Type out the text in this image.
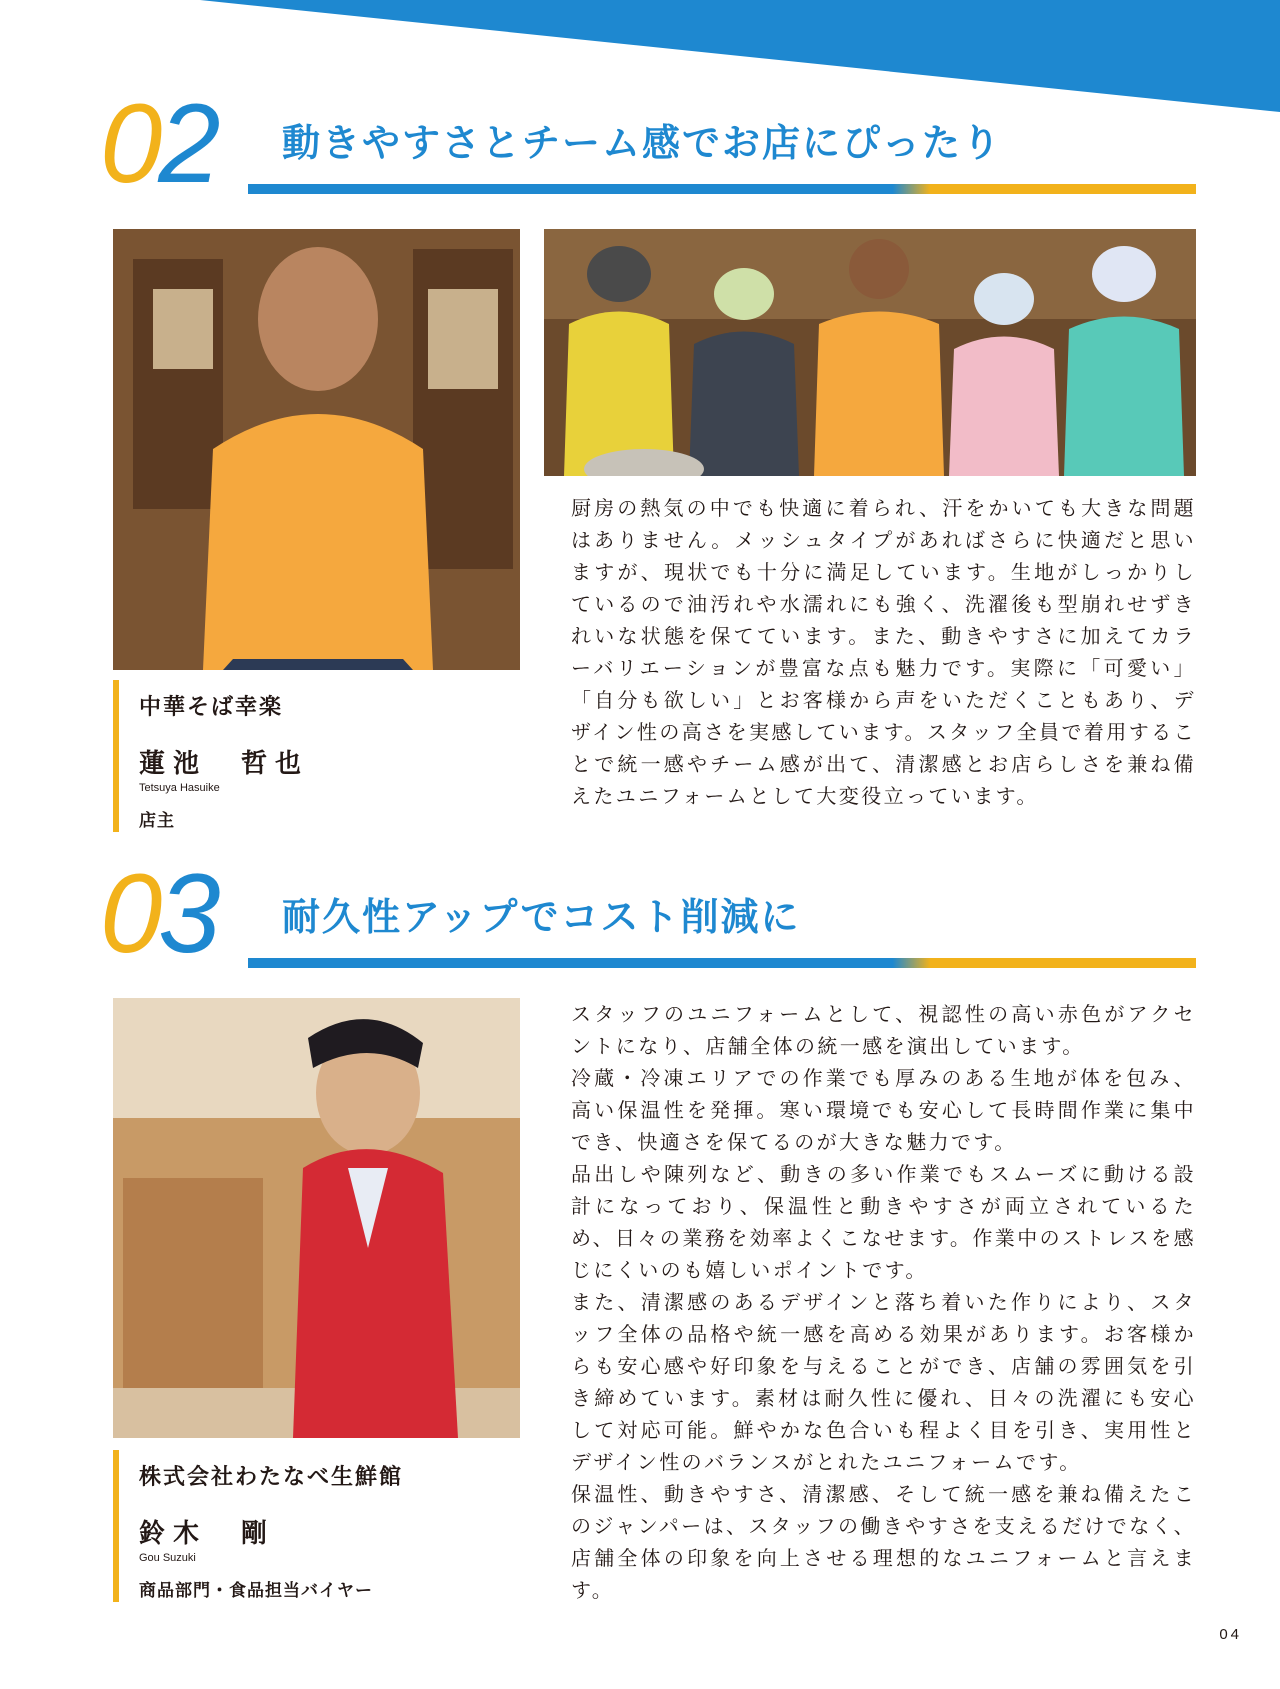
02 動きやすさとチーム感でお店にぴったり

厨房の熱気の中でも快適に着られ、汗をかいても大きな問題はありません。メッシュタイプがあればさらに快適だと思いますが、現状でも十分に満足しています。生地がしっかりしているので油汚れや水濡れにも強く、洗濯後も型崩れせずきれいな状態を保てています。また、動きやすさに加えてカラーバリエーションが豊富な点も魅力です。実際に「可愛い」「自分も欲しい」とお客様から声をいただくこともあり、デザイン性の高さを実感しています。スタッフ全員で着用することで統一感やチーム感が出て、清潔感とお店らしさを兼ね備えたユニフォームとして大変役立っています。

中華そば幸楽
蓮池　哲也
Tetsuya Hasuike
店主
03 耐久性アップでコスト削減に

スタッフのユニフォームとして、視認性の高い赤色がアクセントになり、店舗全体の統一感を演出しています。

冷蔵・冷凍エリアでの作業でも厚みのある生地が体を包み、高い保温性を発揮。寒い環境でも安心して長時間作業に集中でき、快適さを保てるのが大きな魅力です。

品出しや陳列など、動きの多い作業でもスムーズに動ける設計になっており、保温性と動きやすさが両立されているため、日々の業務を効率よくこなせます。作業中のストレスを感じにくいのも嬉しいポイントです。

また、清潔感のあるデザインと落ち着いた作りにより、スタッフ全体の品格や統一感を高める効果があります。お客様からも安心感や好印象を与えることができ、店舗の雰囲気を引き締めています。素材は耐久性に優れ、日々の洗濯にも安心して対応可能。鮮やかな色合いも程よく目を引き、実用性とデザイン性のバランスがとれたユニフォームです。

保温性、動きやすさ、清潔感、そして統一感を兼ね備えたこのジャンパーは、スタッフの働きやすさを支えるだけでなく、店舗全体の印象を向上させる理想的なユニフォームと言えます。

株式会社わたなべ生鮮館
鈴木　剛
Gou Suzuki
商品部門・食品担当バイヤー
04
